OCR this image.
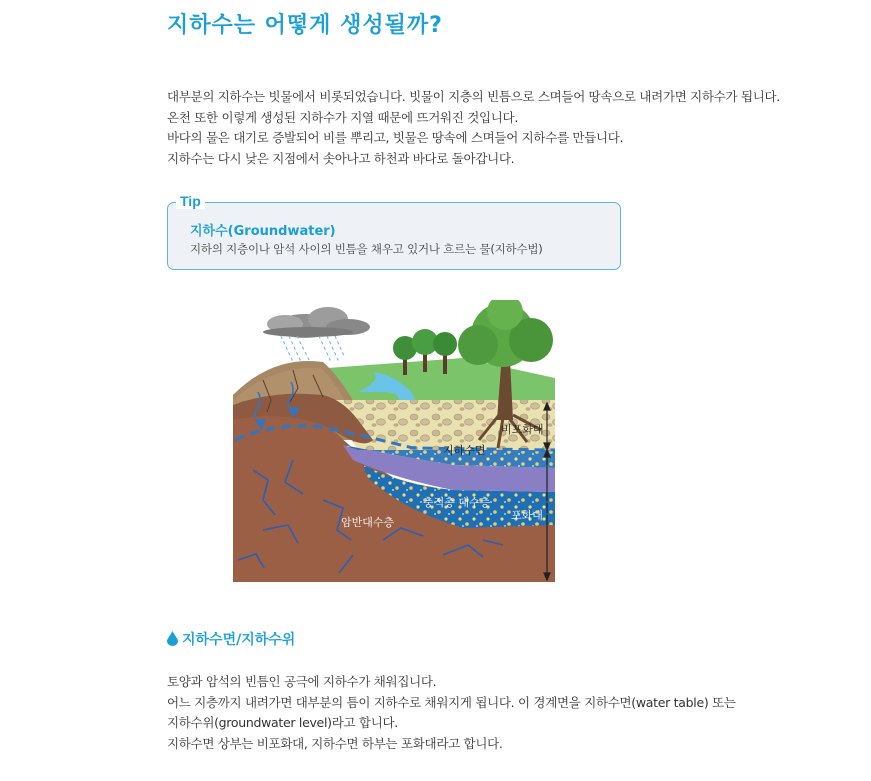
지하수는 어떻게 생성될까?

대부분의 지하수는 빗물에서 비롯되었습니다. 빗물이 지층의 빈틈으로 스며들어 땅속으로 내려가면 지하수가 됩니다.

온천 또한 이렇게 생성된 지하수가 지열 때문에 뜨거워진 것입니다.

바다의 물은 대기로 증발되어 비를 뿌리고, 빗물은 땅속에 스며들어 지하수를 만듭니다.

지하수는 다시 낮은 지점에서 솟아나고 하천과 바다로 돌아갑니다.

Tip
지하수(Groundwater)
지하의 지층이나 암석 사이의 빈틈을 채우고 있거나 흐르는 물(지하수법)
비포화대
지하수면
충적층 대수층
포화대
암반대수층
지하수면/지하수위

토양과 암석의 빈틈인 공극에 지하수가 채워집니다.

어느 지층까지 내려가면 대부분의 틈이 지하수로 채워지게 됩니다. 이 경계면을 지하수면(water table) 또는

지하수위(groundwater level)라고 합니다.

지하수면 상부는 비포화대, 지하수면 하부는 포화대라고 합니다.
